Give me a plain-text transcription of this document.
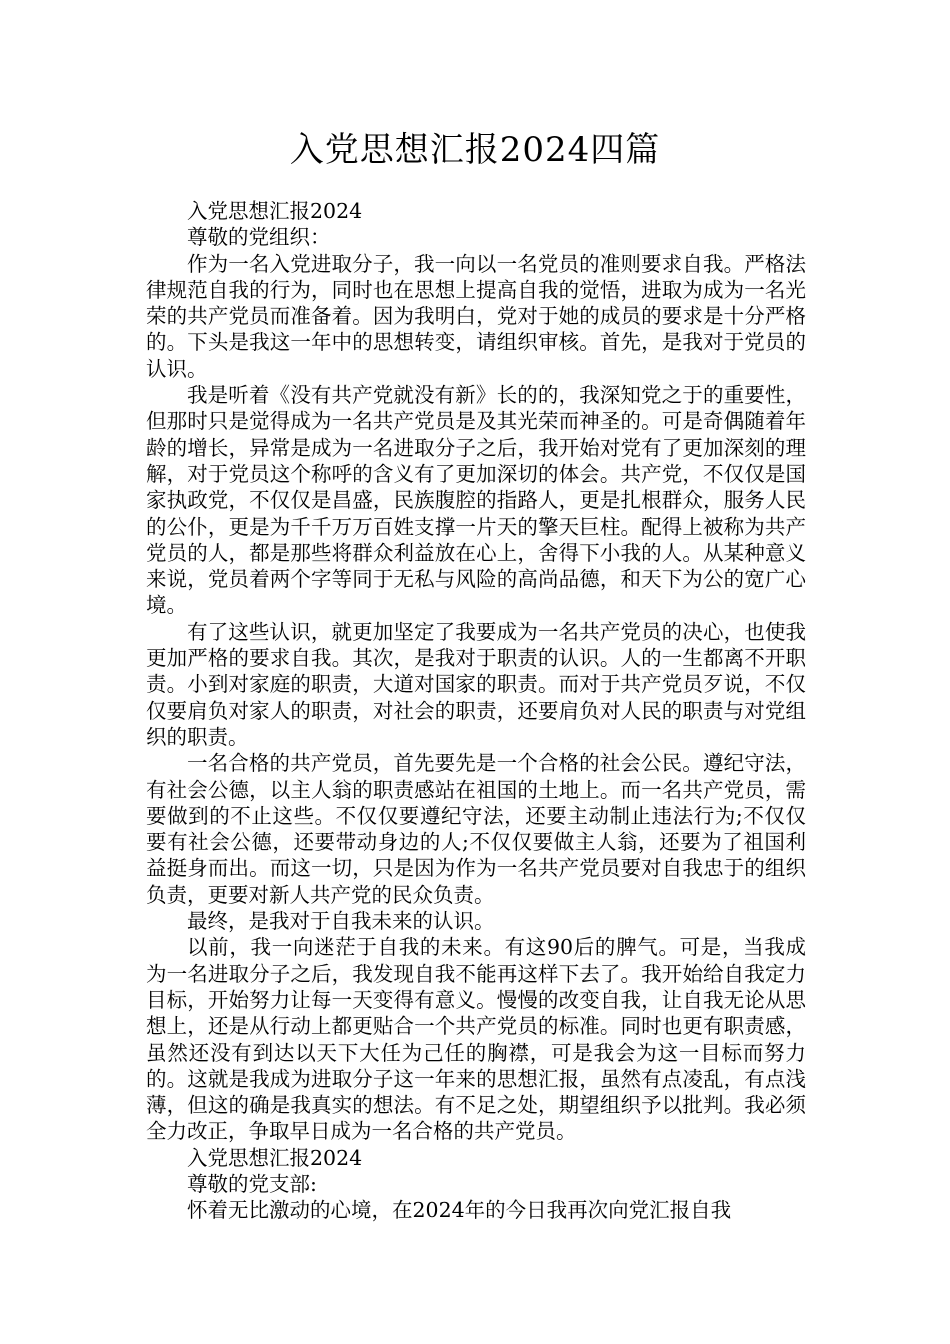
入党思想汇报2024四篇

入党思想汇报2024

尊敬的党组织：

作为一名入党进取分子，我一向以一名党员的准则要求自我。严格法律规范自我的行为，同时也在思想上提高自我的觉悟，进取为成为一名光荣的共产党员而准备着。因为我明白，党对于她的成员的要求是十分严格的。下头是我这一年中的思想转变，请组织审核。首先，是我对于党员的认识。

我是听着《没有共产党就没有新》长的的，我深知党之于的重要性，但那时只是觉得成为一名共产党员是及其光荣而神圣的。可是奇偶随着年龄的增长，异常是成为一名进取分子之后，我开始对党有了更加深刻的理解，对于党员这个称呼的含义有了更加深切的体会。共产党，不仅仅是国家执政党，不仅仅是昌盛，民族腹腔的指路人，更是扎根群众，服务人民的公仆，更是为千千万万百姓支撑一片天的擎天巨柱。配得上被称为共产党员的人，都是那些将群众利益放在心上，舍得下小我的人。从某种意义来说，党员着两个字等同于无私与风险的高尚品德，和天下为公的宽广心境。

有了这些认识，就更加坚定了我要成为一名共产党员的决心，也使我更加严格的要求自我。其次，是我对于职责的认识。人的一生都离不开职责。小到对家庭的职责，大道对国家的职责。而对于共产党员歹说，不仅仅要肩负对家人的职责，对社会的职责，还要肩负对人民的职责与对党组织的职责。

一名合格的共产党员，首先要先是一个合格的社会公民。遵纪守法，有社会公德，以主人翁的职责感站在祖国的土地上。而一名共产党员，需要做到的不止这些。不仅仅要遵纪守法，还要主动制止违法行为;不仅仅要有社会公德，还要带动身边的人;不仅仅要做主人翁，还要为了祖国利益挺身而出。而这一切，只是因为作为一名共产党员要对自我忠于的组织负责，更要对新人共产党的民众负责。

最终，是我对于自我未来的认识。

以前，我一向迷茫于自我的未来。有这90后的脾气。可是，当我成为一名进取分子之后，我发现自我不能再这样下去了。我开始给自我定力目标，开始努力让每一天变得有意义。慢慢的改变自我，让自我无论从思想上，还是从行动上都更贴合一个共产党员的标准。同时也更有职责感，虽然还没有到达以天下大任为己任的胸襟，可是我会为这一目标而努力的。这就是我成为进取分子这一年来的思想汇报，虽然有点凌乱，有点浅薄，但这的确是我真实的想法。有不足之处，期望组织予以批判。我必须全力改正，争取早日成为一名合格的共产党员。

入党思想汇报2024

尊敬的党支部:

怀着无比激动的心境，在2024年的今日我再次向党汇报自我
